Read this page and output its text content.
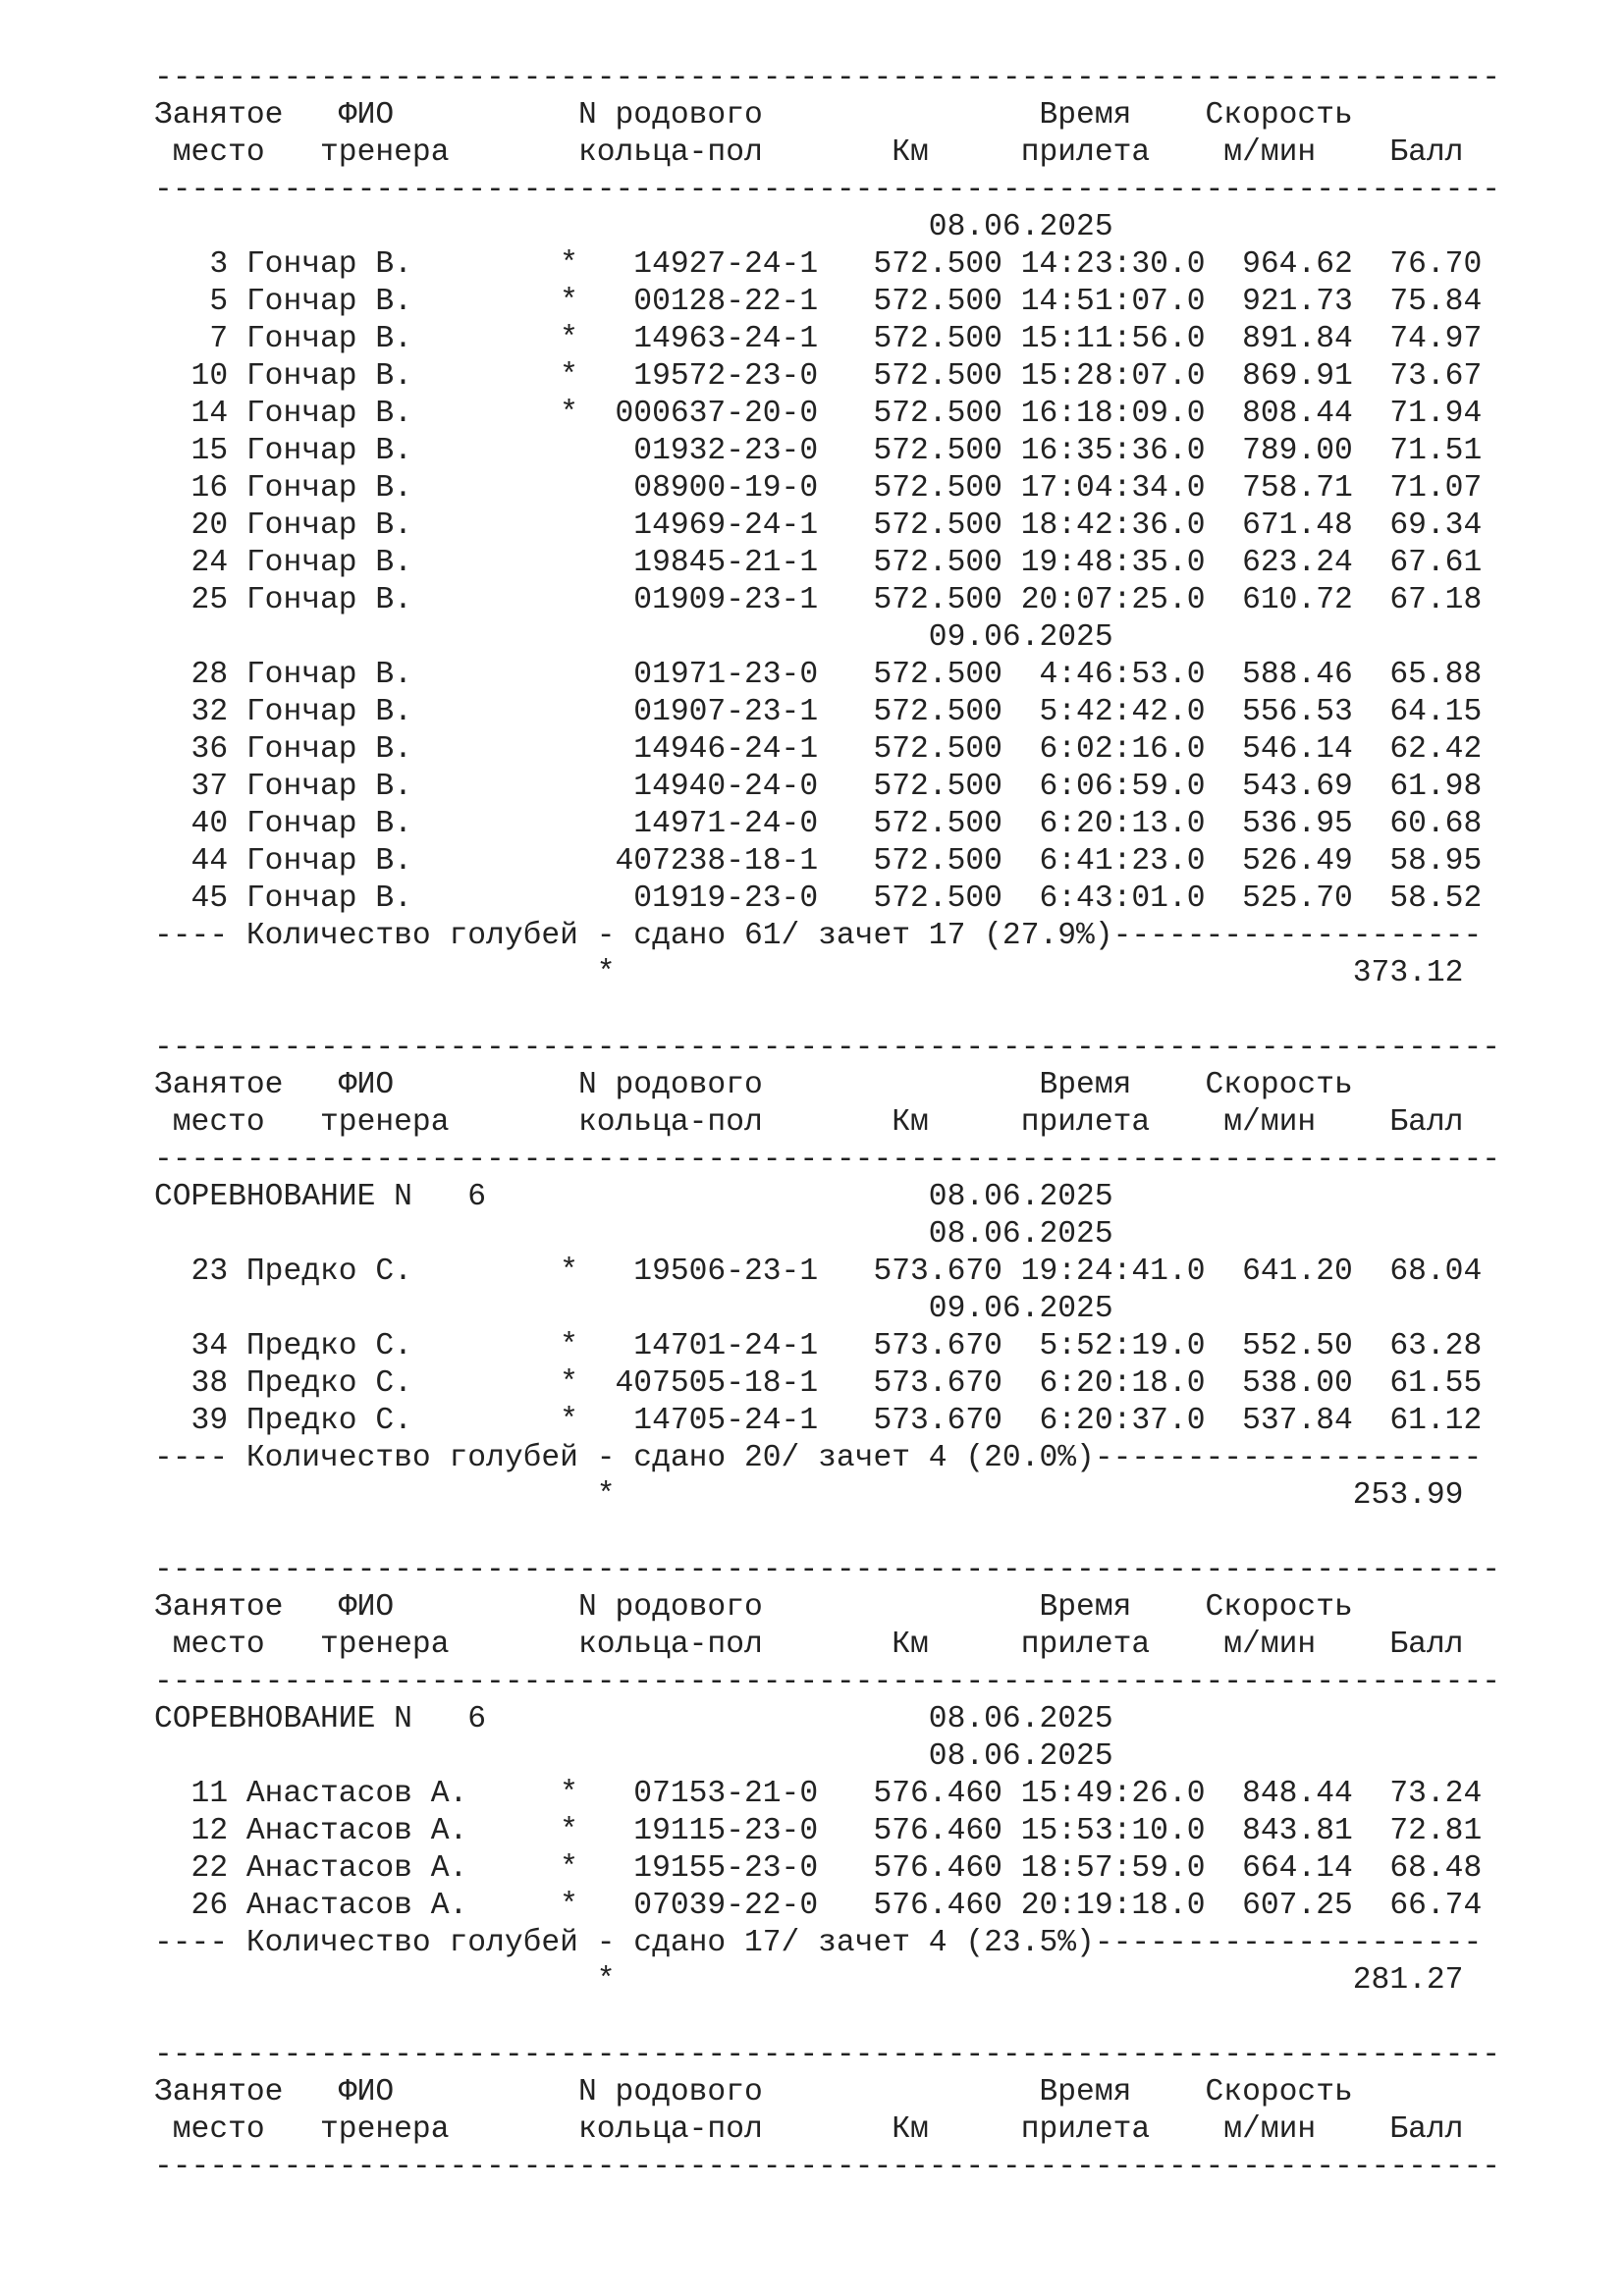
-------------------------------------------------------------------------
Занятое   ФИО          N родового               Время    Скорость
место   тренера       кольца-пол       Км     прилета    м/мин    Балл
-------------------------------------------------------------------------
08.06.2025
3 Гончар В.        *   14927-24-1   572.500 14:23:30.0  964.62  76.70
5 Гончар В.        *   00128-22-1   572.500 14:51:07.0  921.73  75.84
7 Гончар В.        *   14963-24-1   572.500 15:11:56.0  891.84  74.97
10 Гончар В.        *   19572-23-0   572.500 15:28:07.0  869.91  73.67
14 Гончар В.        *  000637-20-0   572.500 16:18:09.0  808.44  71.94
15 Гончар В.            01932-23-0   572.500 16:35:36.0  789.00  71.51
16 Гончар В.            08900-19-0   572.500 17:04:34.0  758.71  71.07
20 Гончар В.            14969-24-1   572.500 18:42:36.0  671.48  69.34
24 Гончар В.            19845-21-1   572.500 19:48:35.0  623.24  67.61
25 Гончар В.            01909-23-1   572.500 20:07:25.0  610.72  67.18
09.06.2025
28 Гончар В.            01971-23-0   572.500  4:46:53.0  588.46  65.88
32 Гончар В.            01907-23-1   572.500  5:42:42.0  556.53  64.15
36 Гончар В.            14946-24-1   572.500  6:02:16.0  546.14  62.42
37 Гончар В.            14940-24-0   572.500  6:06:59.0  543.69  61.98
40 Гончар В.            14971-24-0   572.500  6:20:13.0  536.95  60.68
44 Гончар В.           407238-18-1   572.500  6:41:23.0  526.49  58.95
45 Гончар В.            01919-23-0   572.500  6:43:01.0  525.70  58.52
---- Количество голубей - сдано 61/ зачет 17 (27.9%)--------------------
*                                        373.12
-------------------------------------------------------------------------
Занятое   ФИО          N родового               Время    Скорость
место   тренера       кольца-пол       Км     прилета    м/мин    Балл
-------------------------------------------------------------------------
СОРЕВНОВАНИЕ N   6                        08.06.2025
08.06.2025
23 Предко С.        *   19506-23-1   573.670 19:24:41.0  641.20  68.04
09.06.2025
34 Предко С.        *   14701-24-1   573.670  5:52:19.0  552.50  63.28
38 Предко С.        *  407505-18-1   573.670  6:20:18.0  538.00  61.55
39 Предко С.        *   14705-24-1   573.670  6:20:37.0  537.84  61.12
---- Количество голубей - сдано 20/ зачет 4 (20.0%)---------------------
*                                        253.99
-------------------------------------------------------------------------
Занятое   ФИО          N родового               Время    Скорость
место   тренера       кольца-пол       Км     прилета    м/мин    Балл
-------------------------------------------------------------------------
СОРЕВНОВАНИЕ N   6                        08.06.2025
08.06.2025
11 Анастасов А.     *   07153-21-0   576.460 15:49:26.0  848.44  73.24
12 Анастасов А.     *   19115-23-0   576.460 15:53:10.0  843.81  72.81
22 Анастасов А.     *   19155-23-0   576.460 18:57:59.0  664.14  68.48
26 Анастасов А.     *   07039-22-0   576.460 20:19:18.0  607.25  66.74
---- Количество голубей - сдано 17/ зачет 4 (23.5%)---------------------
*                                        281.27
-------------------------------------------------------------------------
Занятое   ФИО          N родового               Время    Скорость
место   тренера       кольца-пол       Км     прилета    м/мин    Балл
-------------------------------------------------------------------------
